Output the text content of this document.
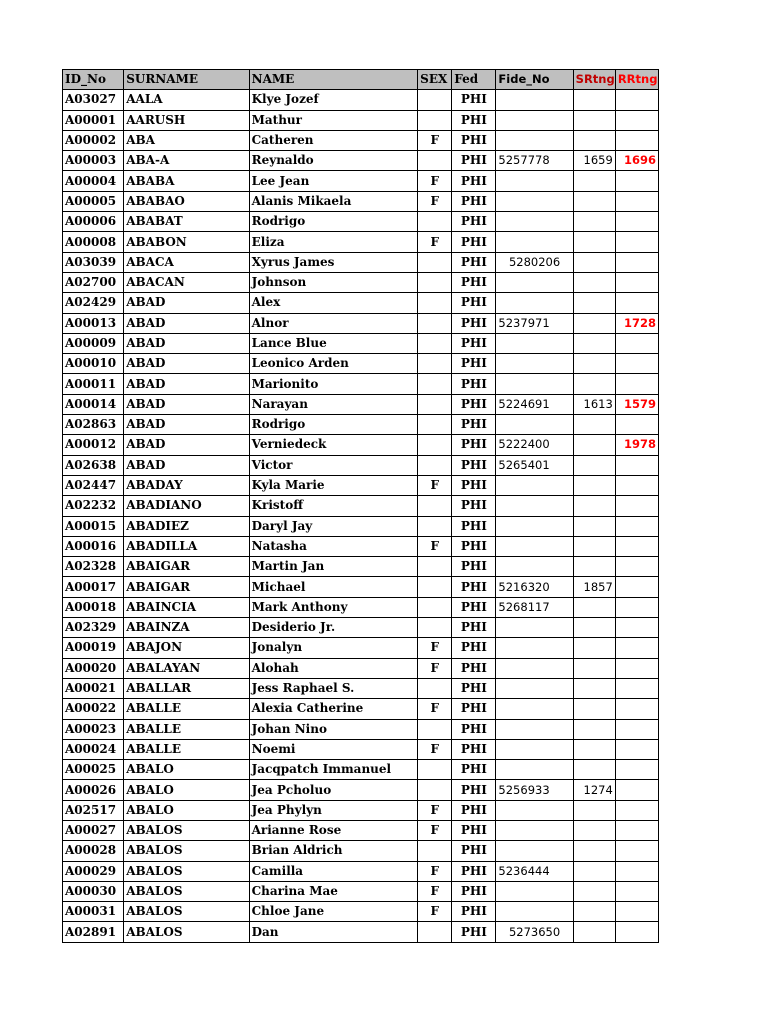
ID_No	SURNAME	NAME	SEX	Fed	Fide_No	SRtng	RRtng
A03027	AALA	Klye Jozef		PHI			
A00001	AARUSH	Mathur		PHI			
A00002	ABA	Catheren	F	PHI			
A00003	ABA-A	Reynaldo		PHI	5257778	1659	1696
A00004	ABABA	Lee Jean	F	PHI			
A00005	ABABAO	Alanis Mikaela	F	PHI			
A00006	ABABAT	Rodrigo		PHI			
A00008	ABABON	Eliza	F	PHI			
A03039	ABACA	Xyrus James		PHI	5280206		
A02700	ABACAN	Johnson		PHI			
A02429	ABAD	Alex		PHI			
A00013	ABAD	Alnor		PHI	5237971		1728
A00009	ABAD	Lance Blue		PHI			
A00010	ABAD	Leonico Arden		PHI			
A00011	ABAD	Marionito		PHI			
A00014	ABAD	Narayan		PHI	5224691	1613	1579
A02863	ABAD	Rodrigo		PHI			
A00012	ABAD	Verniedeck		PHI	5222400		1978
A02638	ABAD	Victor		PHI	5265401		
A02447	ABADAY	Kyla Marie	F	PHI			
A02232	ABADIANO	Kristoff		PHI			
A00015	ABADIEZ	Daryl Jay		PHI			
A00016	ABADILLA	Natasha	F	PHI			
A02328	ABAIGAR	Martin Jan		PHI			
A00017	ABAIGAR	Michael		PHI	5216320	1857	
A00018	ABAINCIA	Mark Anthony		PHI	5268117		
A02329	ABAINZA	Desiderio Jr.		PHI			
A00019	ABAJON	Jonalyn	F	PHI			
A00020	ABALAYAN	Alohah	F	PHI			
A00021	ABALLAR	Jess Raphael S.		PHI			
A00022	ABALLE	Alexia Catherine	F	PHI			
A00023	ABALLE	Johan Nino		PHI			
A00024	ABALLE	Noemi	F	PHI			
A00025	ABALO	Jacqpatch Immanuel		PHI			
A00026	ABALO	Jea Pcholuo		PHI	5256933	1274	
A02517	ABALO	Jea Phylyn	F	PHI			
A00027	ABALOS	Arianne Rose	F	PHI			
A00028	ABALOS	Brian Aldrich		PHI			
A00029	ABALOS	Camilla	F	PHI	5236444		
A00030	ABALOS	Charina Mae	F	PHI			
A00031	ABALOS	Chloe Jane	F	PHI			
A02891	ABALOS	Dan		PHI	5273650		
